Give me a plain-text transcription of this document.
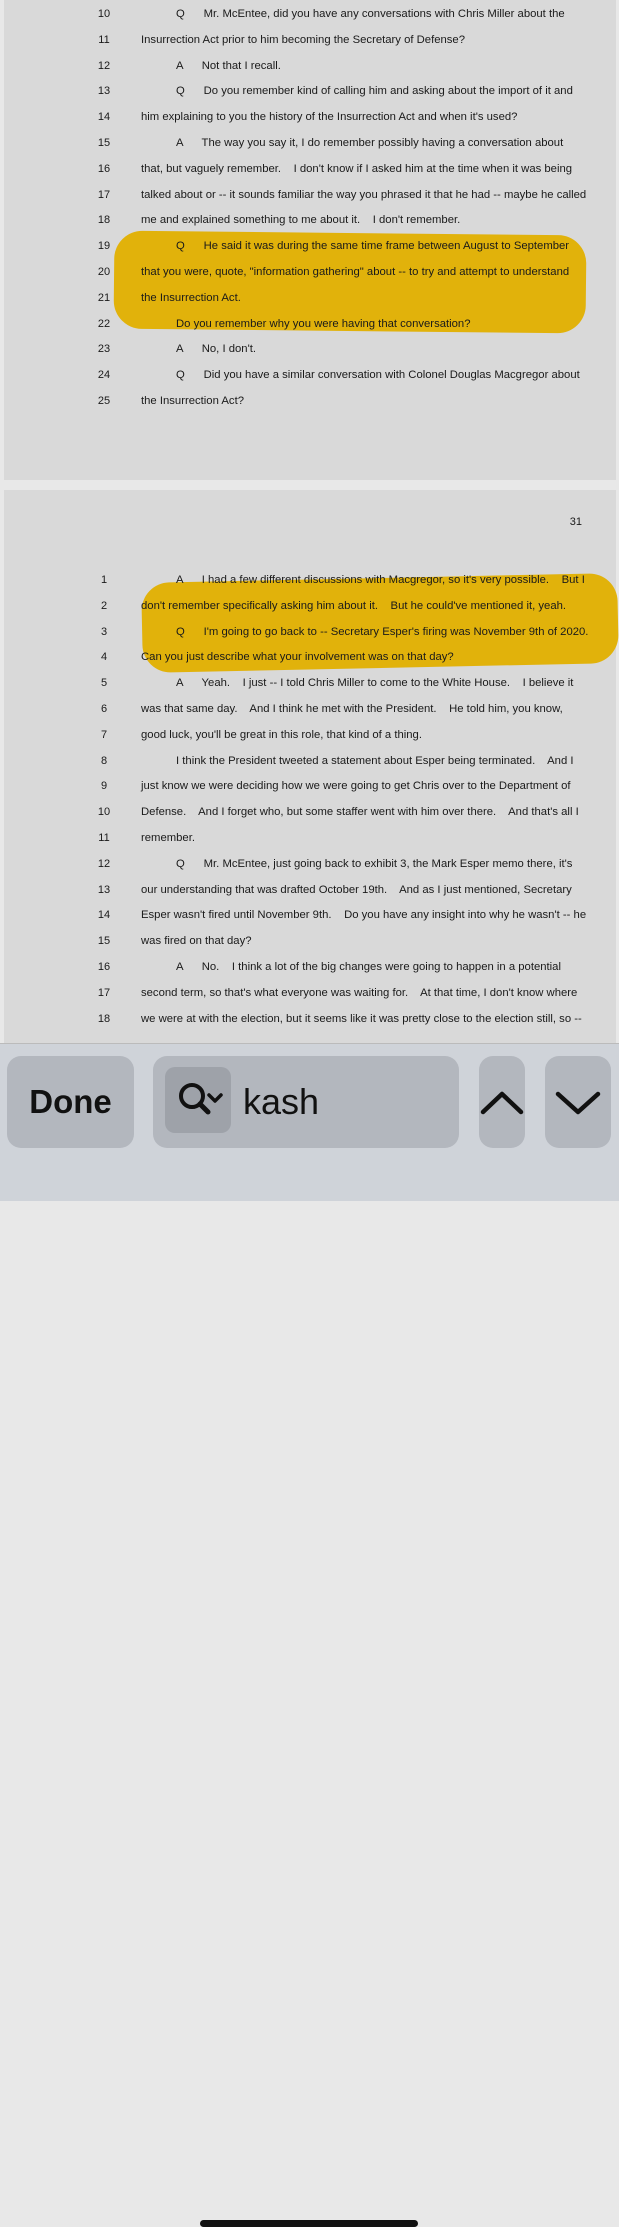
10	Q      Mr. McEntee, did you have any conversations with Chris Miller about the
11	Insurrection Act prior to him becoming the Secretary of Defense?
12	A      Not that I recall.
13	Q      Do you remember kind of calling him and asking about the import of it and
14	him explaining to you the history of the Insurrection Act and when it's used?
15	A      The way you say it, I do remember possibly having a conversation about
16	that, but vaguely remember.    I don't know if I asked him at the time when it was being
17	talked about or -- it sounds familiar the way you phrased it that he had -- maybe he called
18	me and explained something to me about it.    I don't remember.
19	Q      He said it was during the same time frame between August to September
20	that you were, quote, "information gathering" about -- to try and attempt to understand
21	the Insurrection Act.
22	Do you remember why you were having that conversation?
23	A      No, I don't.
24	Q      Did you have a similar conversation with Colonel Douglas Macgregor about
25	the Insurrection Act?
31
1	A      I had a few different discussions with Macgregor, so it's very possible.    But I
2	don't remember specifically asking him about it.    But he could've mentioned it, yeah.
3	Q      I'm going to go back to -- Secretary Esper's firing was November 9th of 2020.
4	Can you just describe what your involvement was on that day?
5	A      Yeah.    I just -- I told Chris Miller to come to the White House.    I believe it
6	was that same day.    And I think he met with the President.    He told him, you know,
7	good luck, you'll be great in this role, that kind of a thing.
8	I think the President tweeted a statement about Esper being terminated.    And I
9	just know we were deciding how we were going to get Chris over to the Department of
10	Defense.    And I forget who, but some staffer went with him over there.    And that's all I
11	remember.
12	Q      Mr. McEntee, just going back to exhibit 3, the Mark Esper memo there, it's
13	our understanding that was drafted October 19th.    And as I just mentioned, Secretary
14	Esper wasn't fired until November 9th.    Do you have any insight into why he wasn't -- he
15	was fired on that day?
16	A      No.    I think a lot of the big changes were going to happen in a potential
17	second term, so that's what everyone was waiting for.    At that time, I don't know where
18	we were at with the election, but it seems like it was pretty close to the election still, so --
Done	kash
